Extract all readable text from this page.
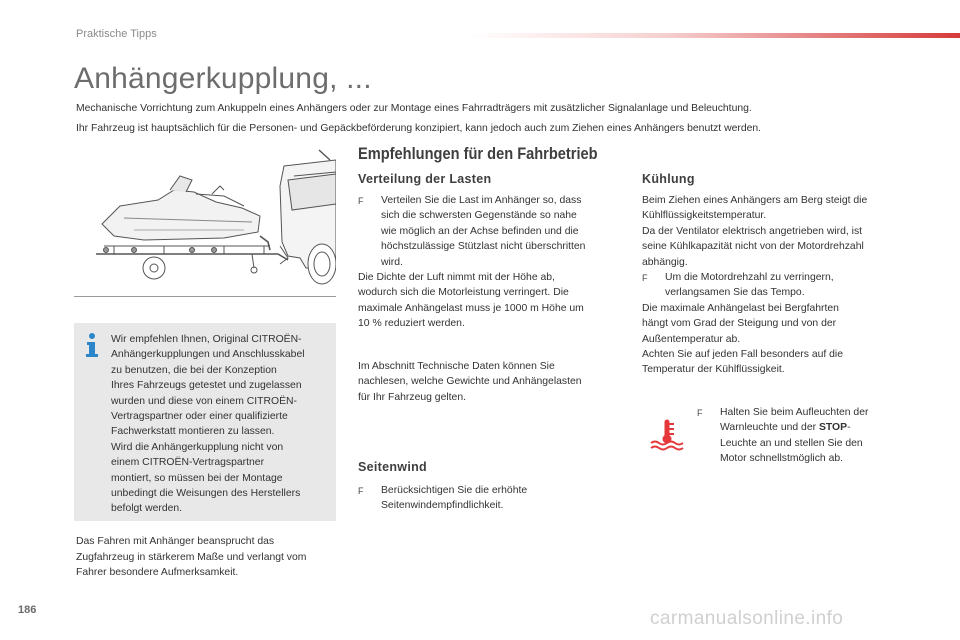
Praktische Tipps
Anhängerkupplung, ...
Mechanische Vorrichtung zum Ankuppeln eines Anhängers oder zur Montage eines Fahrradträgers mit zusätzlicher Signalanlage und Beleuchtung.
Ihr Fahrzeug ist hauptsächlich für die Personen- und Gepäckbeförderung konzipiert, kann jedoch auch zum Ziehen eines Anhängers benutzt werden.
Wir empfehlen Ihnen, Original CITROËN-
Anhängerkupplungen und Anschlusskabel
zu benutzen, die bei der Konzeption
Ihres Fahrzeugs getestet und zugelassen
wurden und diese von einem CITROËN-
Vertragspartner oder einer qualifizierte
Fachwerkstatt montieren zu lassen.
Wird die Anhängerkupplung nicht von
einem CITROËN-Vertragspartner
montiert, so müssen bei der Montage
unbedingt die Weisungen des Herstellers
befolgt werden.
Das Fahren mit Anhänger beansprucht das
Zugfahrzeug in stärkerem Maße und verlangt vom
Fahrer besondere Aufmerksamkeit.
Empfehlungen für den Fahrbetrieb
Verteilung der Lasten
F	Verteilen Sie die Last im Anhänger so, dass
sich die schwersten Gegenstände so nahe
wie möglich an der Achse befinden und die
höchstzulässige Stützlast nicht überschritten
wird.
Die Dichte der Luft nimmt mit der Höhe ab,
wodurch sich die Motorleistung verringert. Die
maximale Anhängelast muss je 1000 m Höhe um
10 % reduziert werden.
Im Abschnitt Technische Daten können Sie
nachlesen, welche Gewichte und Anhängelasten
für Ihr Fahrzeug gelten.
Seitenwind
F	Berücksichtigen Sie die erhöhte
Seitenwindempfindlichkeit.
Kühlung
Beim Ziehen eines Anhängers am Berg steigt die
Kühlflüssigkeitstemperatur.
Da der Ventilator elektrisch angetrieben wird, ist
seine Kühlkapazität nicht von der Motordrehzahl
abhängig.
F	Um die Motordrehzahl zu verringern,
verlangsamen Sie das Tempo.
Die maximale Anhängelast bei Bergfahrten
hängt vom Grad der Steigung und von der
Außentemperatur ab.
Achten Sie auf jeden Fall besonders auf die
Temperatur der Kühlflüssigkeit.
F	Halten Sie beim Aufleuchten der
Warnleuchte und der STOP-
Leuchte an und stellen Sie den
Motor schnellstmöglich ab.
186	carmanualsonline.info
